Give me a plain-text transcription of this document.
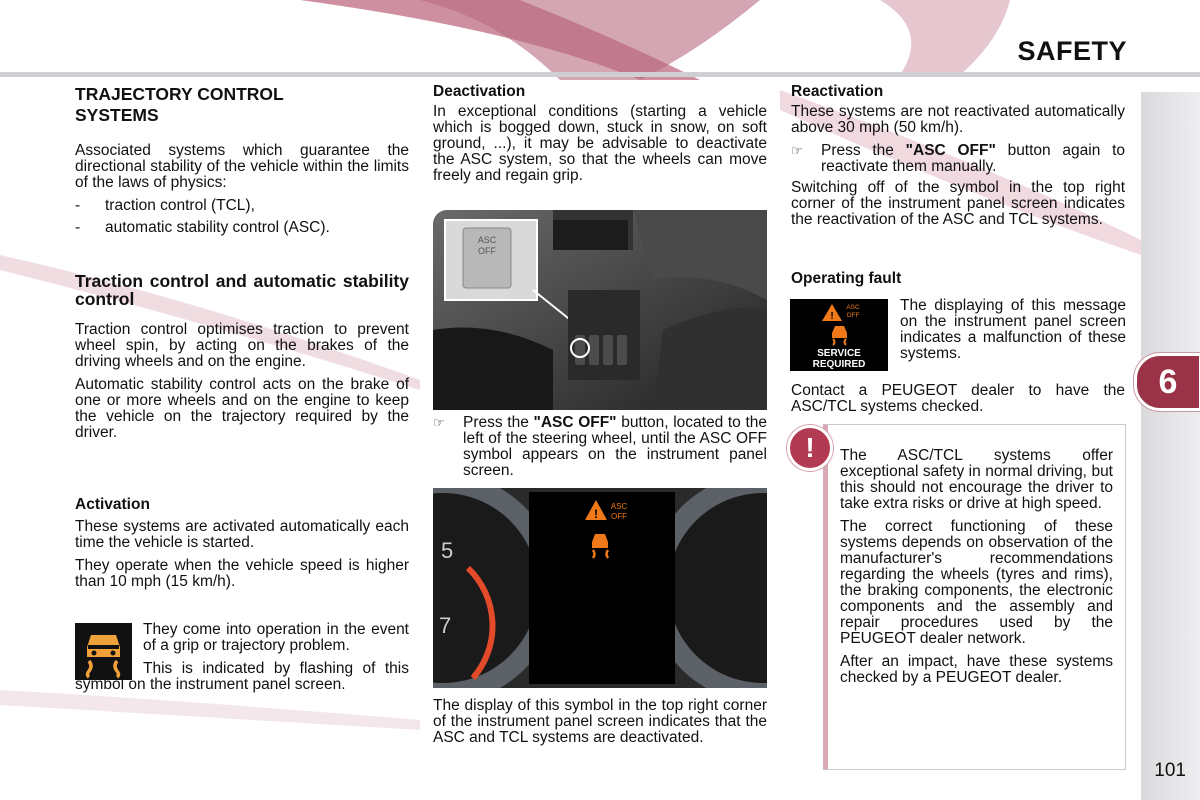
SAFETY
6
101
TRAJECTORY CONTROL
SYSTEMS

Associated systems which guarantee the directional stability of the vehicle within the limits of the laws of physics:

-	traction control (TCL),
-	automatic stability control (ASC).
Traction control and automatic stability control

Traction control optimises traction to prevent wheel spin, by acting on the brakes of the driving wheels and on the engine.

Automatic stability control acts on the brake of one or more wheels and on the engine to keep the vehicle on the trajectory required by the driver.

Activation

These systems are activated automatically each time the vehicle is started.

They operate when the vehicle speed is higher than 10 mph (15 km/h).

They come into operation in the event of a grip or trajectory problem.

This is indicated by flashing of this symbol on the instrument panel screen.

Deactivation

In exceptional conditions (starting a vehicle which is bogged down, stuck in snow, on soft ground, ...), it may be advisable to deactivate the ASC system, so that the wheels can move freely and regain grip.

ASC
OFF
☞	Press the "ASC OFF" button, located to the left of the steering wheel, until the ASC OFF symbol appears on the instrument panel screen.
5
7
!
ASC
OFF

The display of this symbol in the top right corner of the instrument panel screen indicates that the ASC and TCL systems are deactivated.

Reactivation

These systems are not reactivated automatically above 30 mph (50 km/h).

☞	Press the "ASC OFF" button again to reactivate them manually.

Switching off of the symbol in the top right corner of the instrument panel screen indicates the reactivation of the ASC and TCL systems.

Operating fault
!
ASC
OFF
SERVICE
REQUIRED

The displaying of this message on the instrument panel screen indicates a malfunction of these systems.

Contact a PEUGEOT dealer to have the ASC/TCL systems checked.

!	The ASC/TCL systems offer exceptional safety in normal driving, but this should not encourage the driver to take extra risks or drive at high speed.

The correct functioning of these systems depends on observation of the manufacturer's recommendations regarding the wheels (tyres and rims), the braking components, the electronic components and the assembly and repair procedures used by the PEUGEOT dealer network.

After an impact, have these systems checked by a PEUGEOT dealer.
